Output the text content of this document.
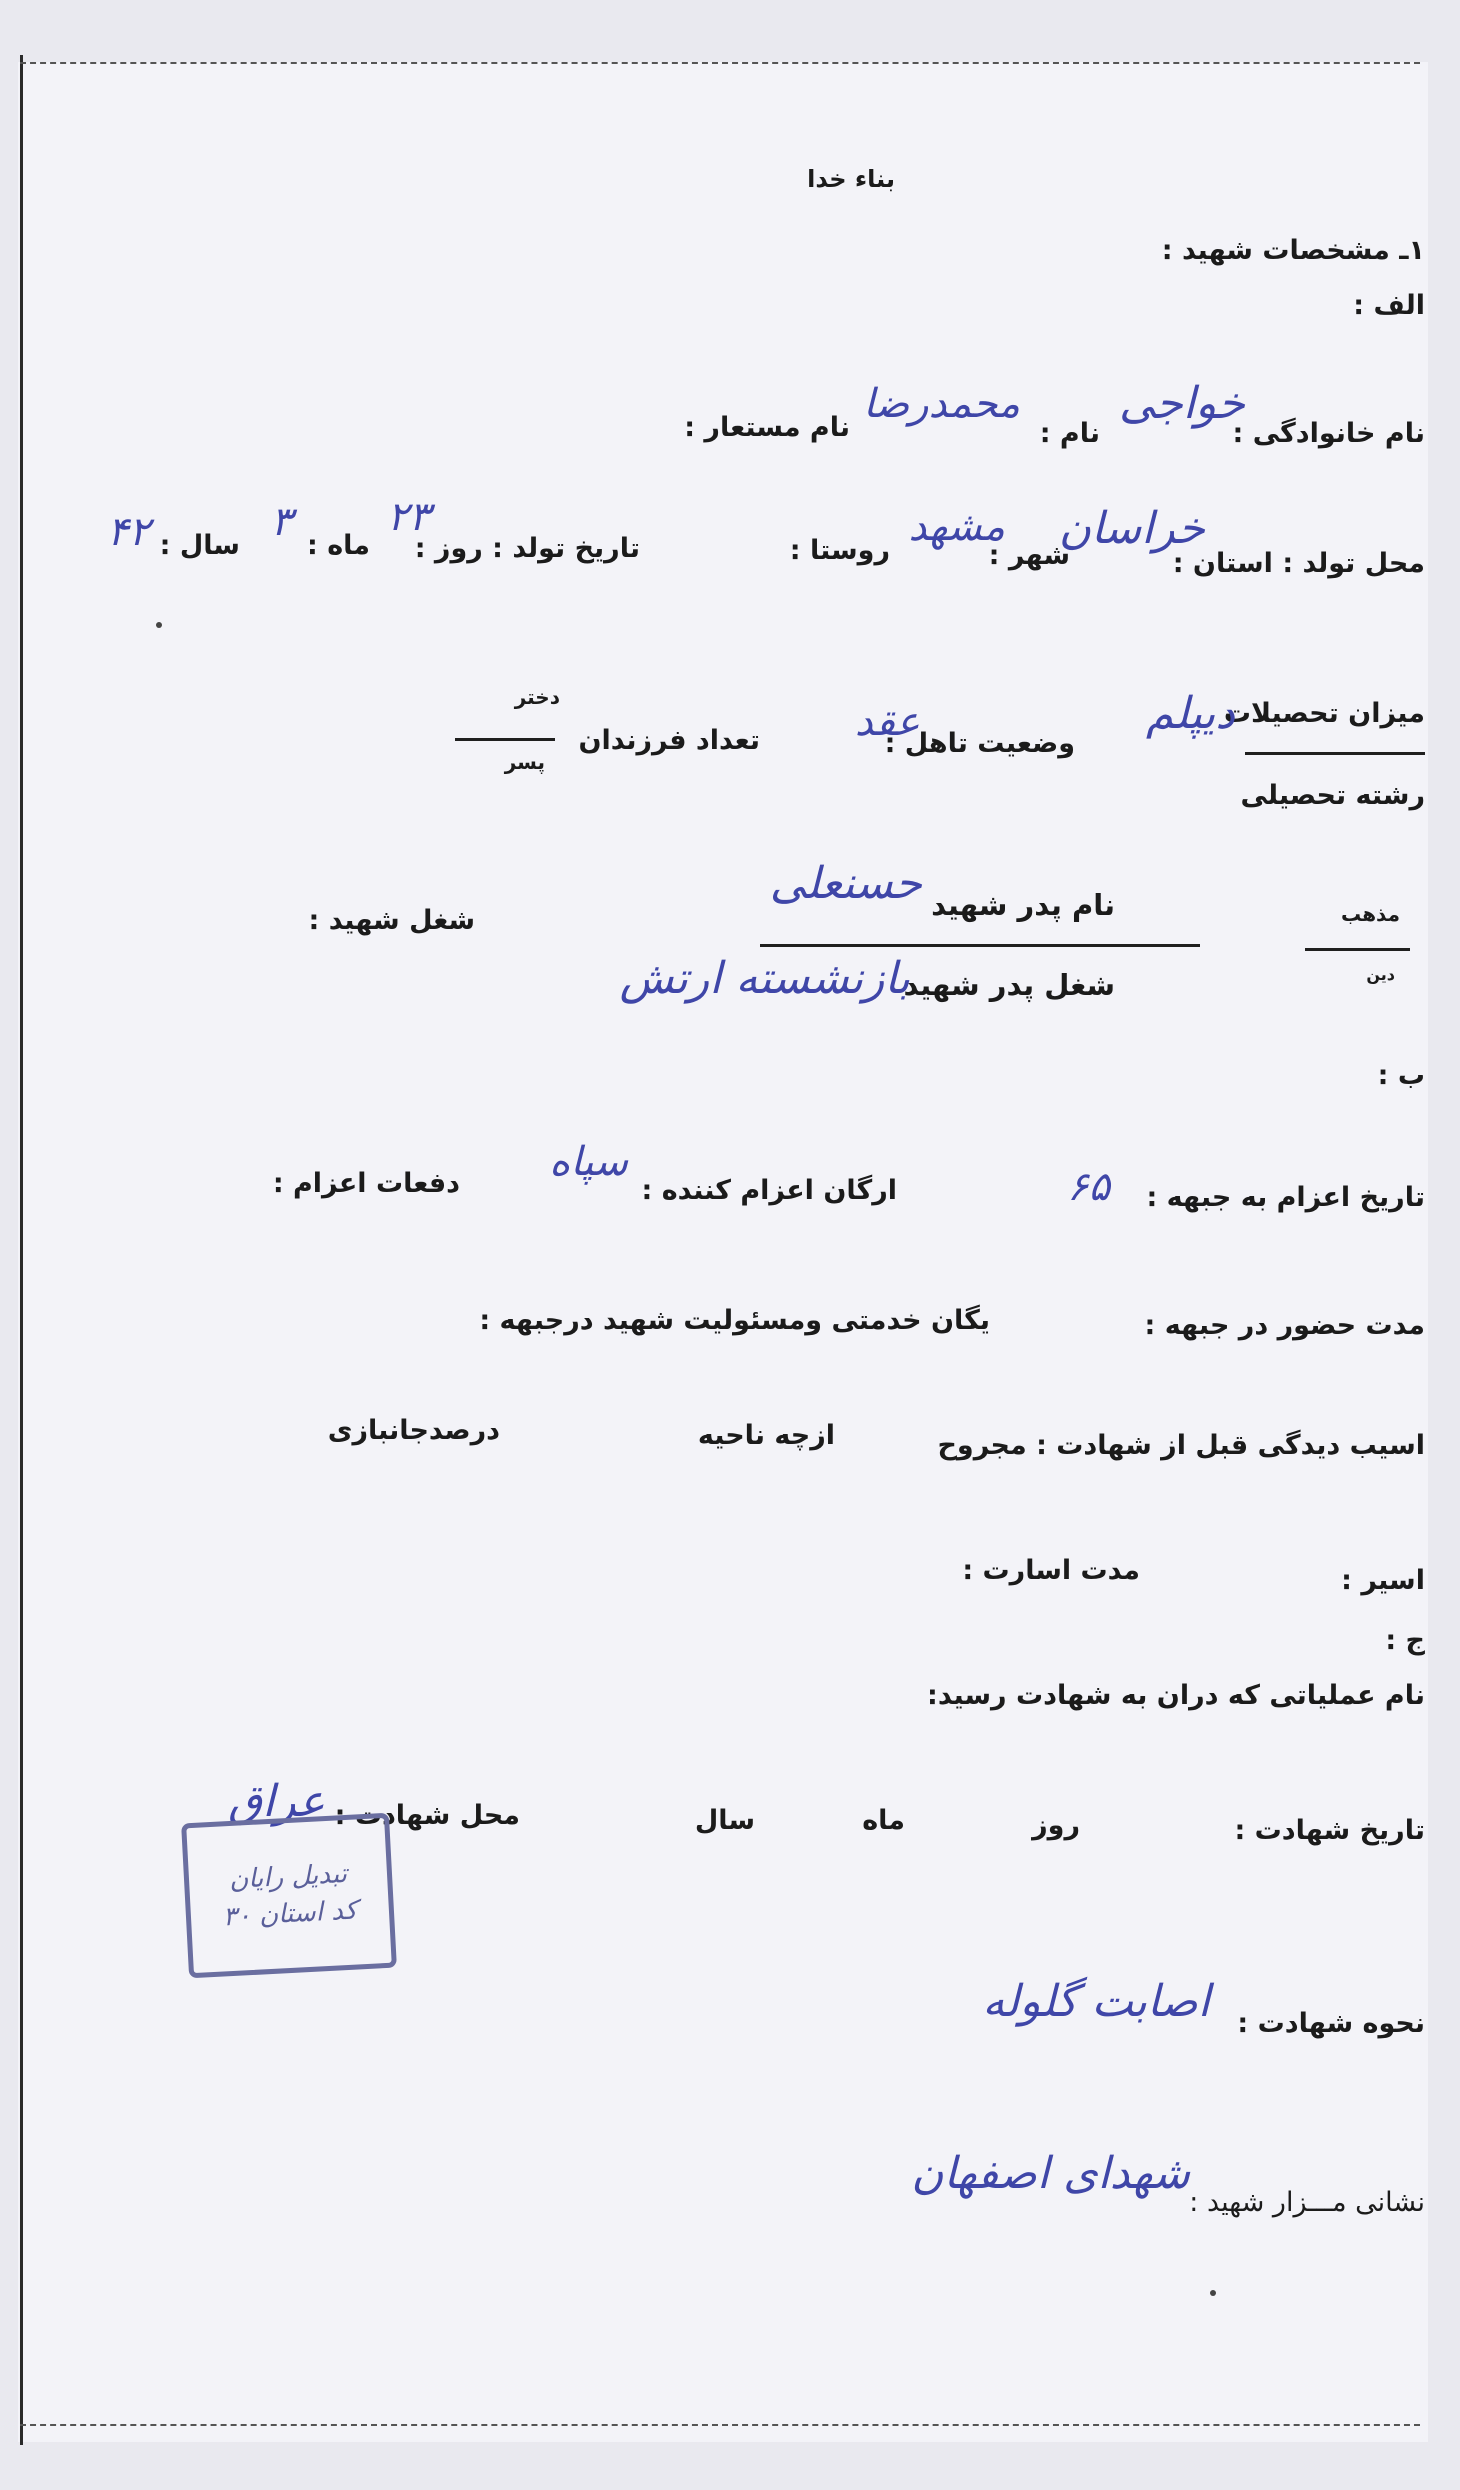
بناء خدا
۱ـ مشخصات شهید :
الف :
نام خانوادگی :
خواجی
نام :
محمدرضا
نام مستعار :
محل تولد : استان :
خراسان
شهر :
مشهد
روستا :
تاریخ تولد : روز :
۲۳
ماه :
۳
سال :
۴۲
میزان تحصیلات
رشته تحصیلی
دیپلم
وضعیت تاهل :
عقد
تعداد فرزندان
دختر
پسر
مذهب
دین
نام پدر شهید
حسنعلی
شغل پدر شهید
بازنشسته ارتش
شغل شهید :
ب :
تاریخ اعزام به جبهه :
۶۵
ارگان اعزام کننده :
سپاه
دفعات اعزام :
مدت حضور در جبهه :
یگان خدمتی ومسئولیت شهید درجبهه :
اسیب دیدگی قبل از شهادت : مجروح
ازچه ناحیه
درصدجانبازی
اسیر :
مدت اسارت :
ج :
نام عملیاتی که دران به شهادت رسید:
تاریخ شهادت :
روز
ماه
سال
محل شهادت :
عراق
تبدیل رایان
کد استان ۳۰
نحوه شهادت :
اصابت گلوله
نشانی مـــزار شهید :
شهدای اصفهان
